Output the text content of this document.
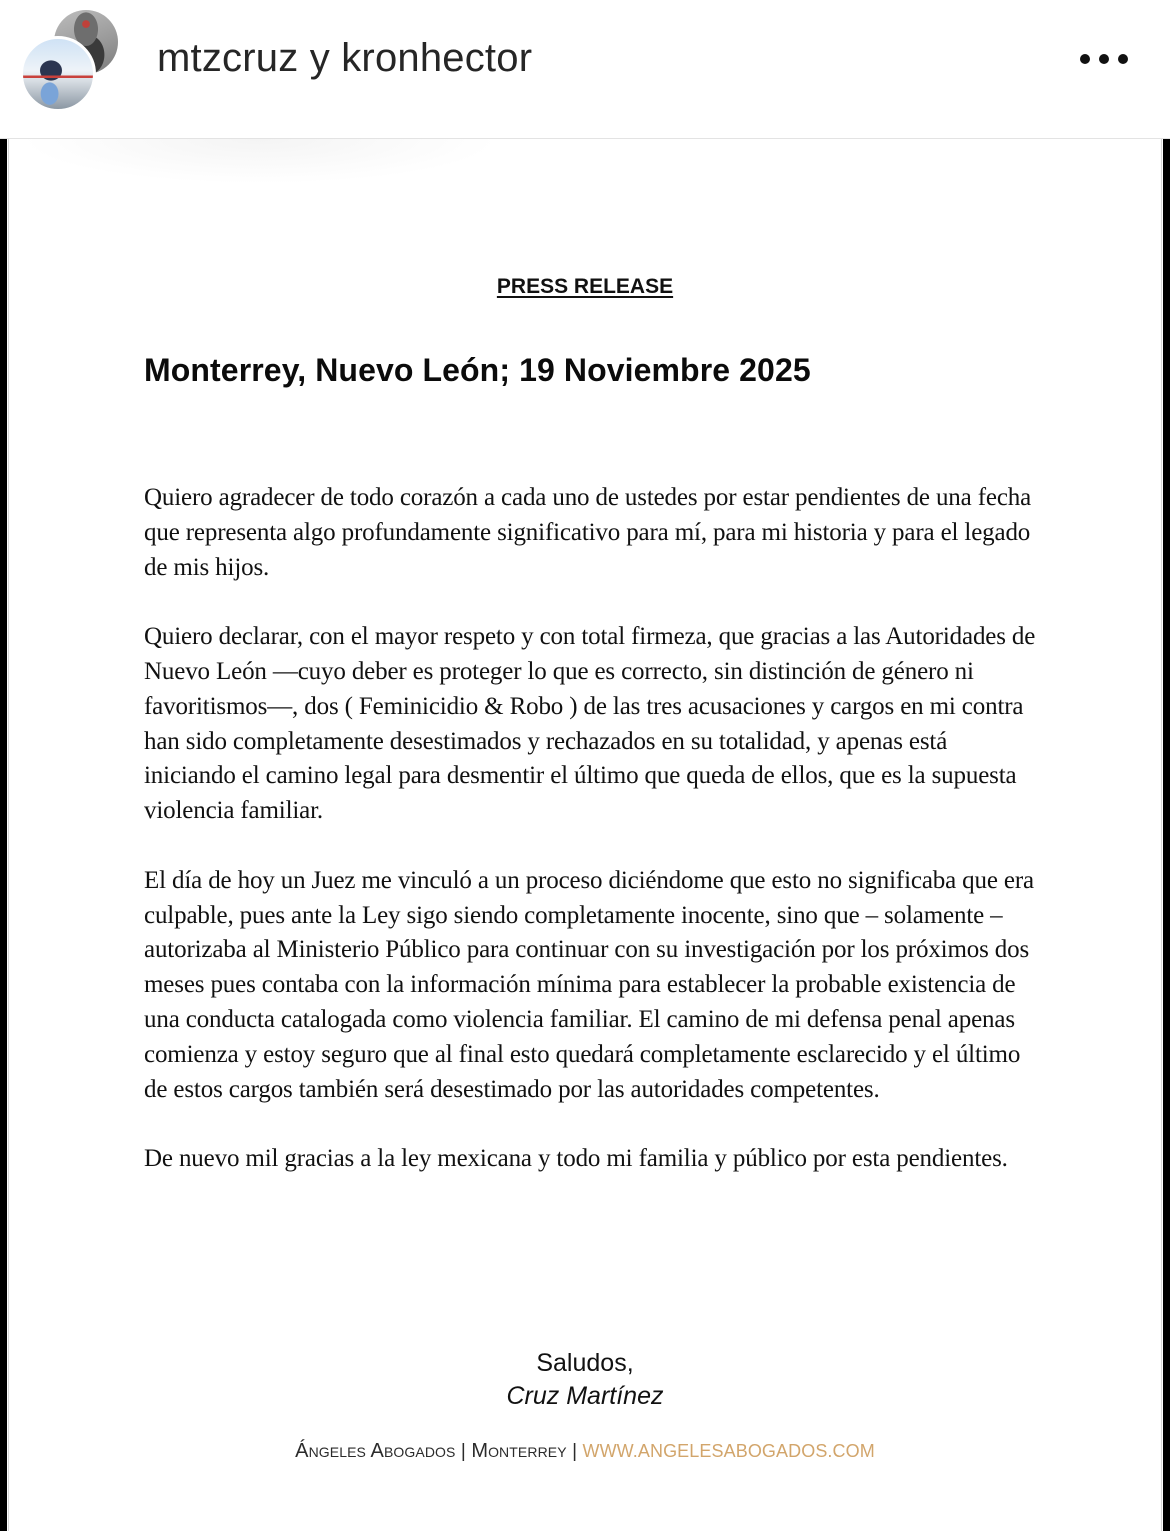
mtzcruz y kronhector
PRESS RELEASE
Monterrey, Nuevo León; 19 Noviembre 2025

Quiero agradecer de todo corazón a cada uno de ustedes por estar pendientes de una fecha que representa algo profundamente significativo para mí, para mi historia y para el legado de mis hijos.

Quiero declarar, con el mayor respeto y con total firmeza, que gracias a las Autoridades de Nuevo León —cuyo deber es proteger lo que es correcto, sin distinción de género ni favoritismos—, dos ( Feminicidio & Robo ) de las tres acusaciones y cargos en mi contra han sido completamente desestimados y rechazados en su totalidad, y apenas está iniciando el camino legal para desmentir el último que queda de ellos, que es la supuesta violencia familiar.

El día de hoy un Juez me vinculó a un proceso diciéndome que esto no significaba que era culpable, pues ante la Ley sigo siendo completamente inocente, sino que – solamente – autorizaba al Ministerio Público para continuar con su investigación por los próximos dos meses pues contaba con la información mínima para establecer la probable existencia de una conducta catalogada como violencia familiar. El camino de mi defensa penal apenas comienza y estoy seguro que al final esto quedará completamente esclarecido y el último de estos cargos también será desestimado por las autoridades competentes.

De nuevo mil gracias a la ley mexicana y todo mi familia y público por esta pendientes.

Saludos,
Cruz Martínez
Ángeles Abogados | Monterrey | WWW.ANGELESABOGADOS.COM
